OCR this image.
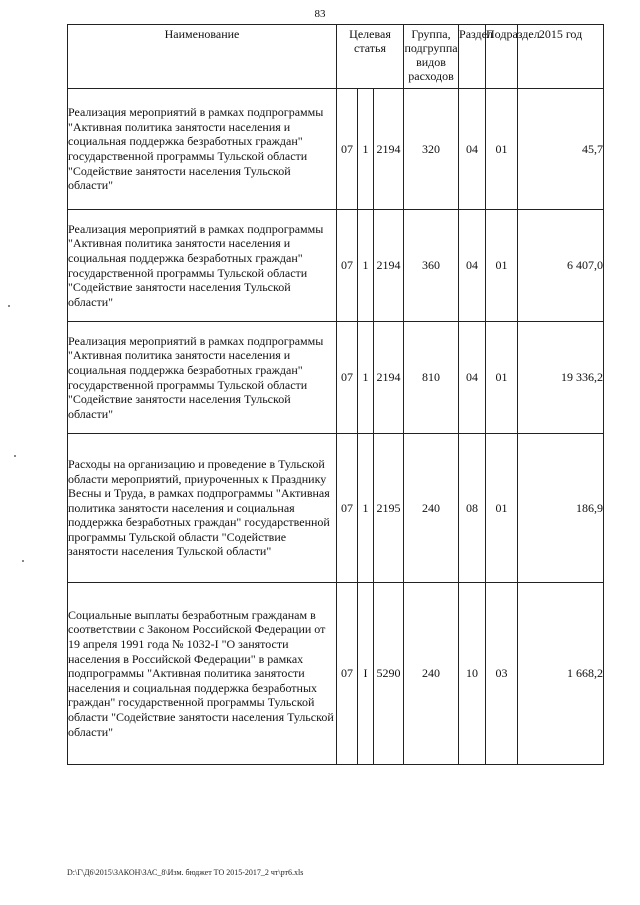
83
Наименование	Целевая статья			Группа, подгруппа видов расходов	Раздел	Подраздел	2015 год
Реализация мероприятий в рамках подпрограммы "Активная политика занятости населения и социальная поддержка безработных граждан" государственной программы Тульской области "Содействие занятости населения Тульской области"	07	1	2194	320	04	01	45,7
Реализация мероприятий в рамках подпрограммы "Активная политика занятости населения и социальная поддержка безработных граждан" государственной программы Тульской области "Содействие занятости населения Тульской области"	07	1	2194	360	04	01	6 407,0
Реализация мероприятий в рамках подпрограммы "Активная политика занятости населения и социальная поддержка безработных граждан" государственной программы Тульской области "Содействие занятости населения Тульской области"	07	1	2194	810	04	01	19 336,2
Расходы на организацию и проведение в Тульской области мероприятий, приуроченных к Празднику Весны и Труда, в рамках подпрограммы "Активная политика занятости населения и социальная поддержка безработных граждан" государственной программы Тульской области "Содействие занятости населения Тульской области"	07	1	2195	240	08	01	186,9
Социальные выплаты безработным гражданам в соответствии с Законом Российской Федерации от 19 апреля 1991 года № 1032-I "О занятости населения в Российской Федерации" в рамках подпрограммы "Активная политика занятости населения и социальная поддержка безработных граждан" государственной программы Тульской области "Содействие занятости населения Тульской области"	07	I	5290	240	10	03	1 668,2
D:\Г\Д6\2015\ЗАКОН\ЗАС_8\Изм. бюджет ТО 2015-2017_2 чт\рт6.xls
